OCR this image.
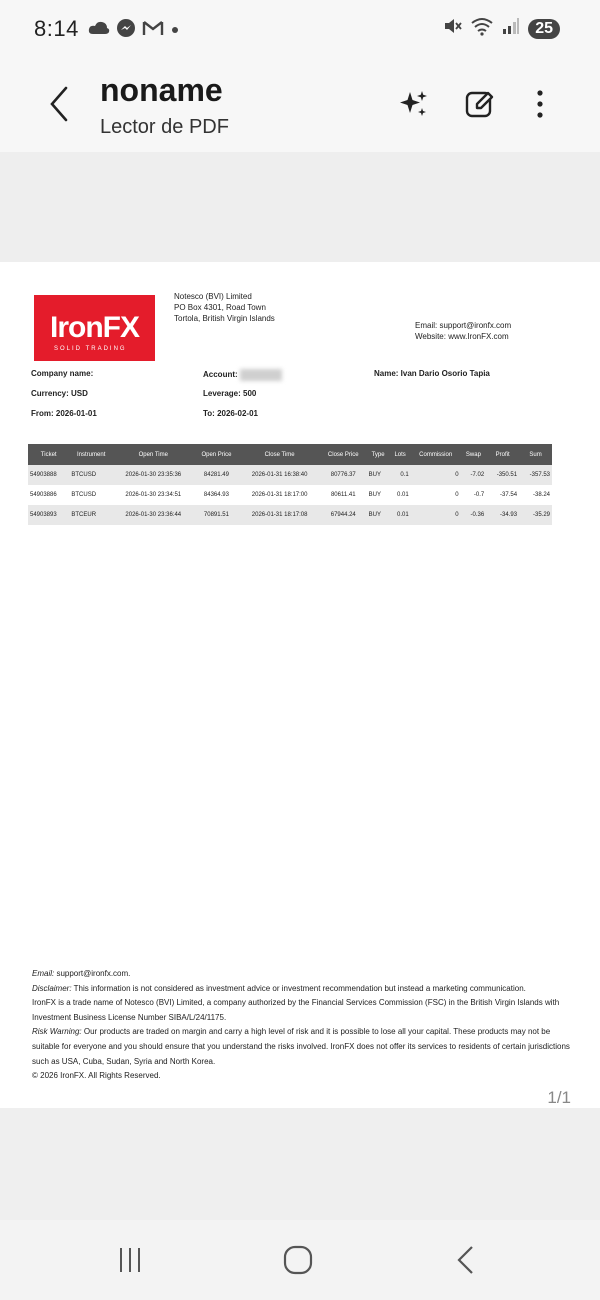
8:14	25
noname
Lector de PDF
IronFX
SOLID TRADING
Notesco (BVI) Limited
PO Box 4301, Road Town
Tortola, British Virgin Islands
Email: support@ironfx.com
Website: www.IronFX.com
Company name:	Account:	Name: Ivan Dario Osorio Tapia
Currency: USD	Leverage: 500
From: 2026-01-01	To: 2026-02-01
Ticket	Instrument	Open Time	Open Price	Close Time	Close Price	Type	Lots	Commission	Swap	Profit	Sum
54903888	BTCUSD	2026-01-30 23:35:36	84281.49	2026-01-31 16:38:40	80776.37	BUY	0.1	0	-7.02	-350.51	-357.53
54903886	BTCUSD	2026-01-30 23:34:51	84364.93	2026-01-31 18:17:00	80611.41	BUY	0.01	0	-0.7	-37.54	-38.24
54903893	BTCEUR	2026-01-30 23:36:44	70891.51	2026-01-31 18:17:08	67944.24	BUY	0.01	0	-0.36	-34.93	-35.29

Email: support@ironfx.com.

Disclaimer: This information is not considered as investment advice or investment recommendation but instead a marketing communication.

IronFX is a trade name of Notesco (BVI) Limited, a company authorized by the Financial Services Commission (FSC) in the British Virgin Islands with Investment Business License Number SIBA/L/24/1175.

Risk Warning: Our products are traded on margin and carry a high level of risk and it is possible to lose all your capital. These products may not be suitable for everyone and you should ensure that you understand the risks involved. IronFX does not offer its services to residents of certain jurisdictions such as USA, Cuba, Sudan, Syria and North Korea.

© 2026 IronFX. All Rights Reserved.

1/1
